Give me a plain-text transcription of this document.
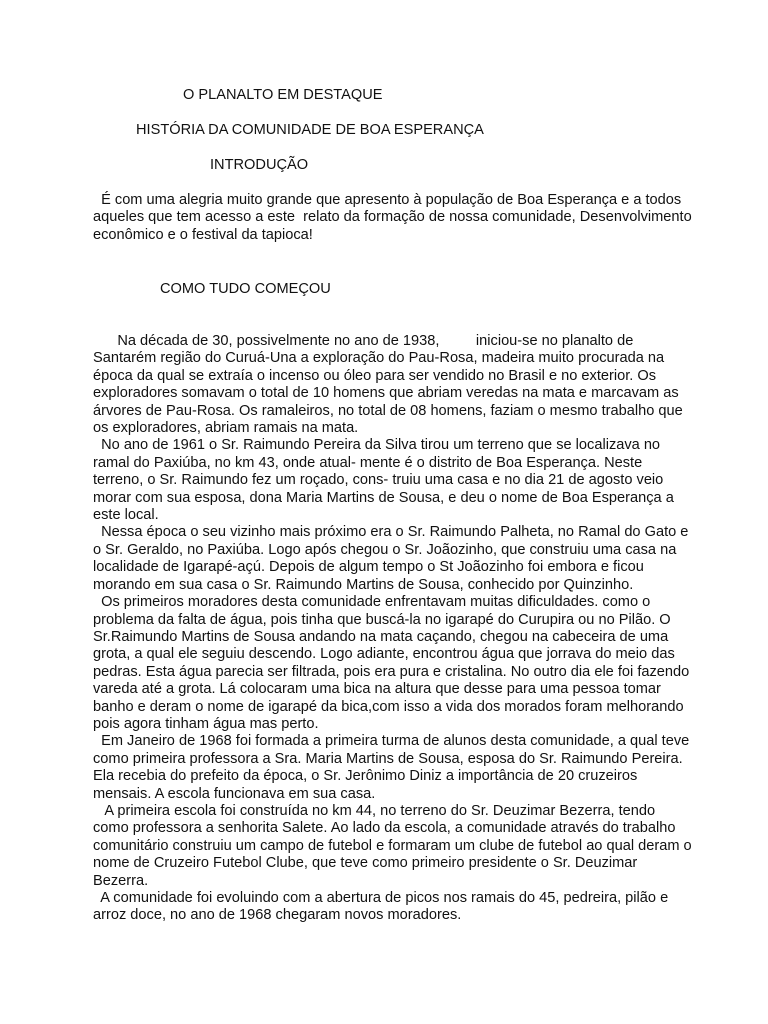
O PLANALTO EM DESTAQUE

HISTÓRIA DA COMUNIDADE DE BOA ESPERANÇA

INTRODUÇÃO

É com uma alegria muito grande que apresento à população de Boa Esperança e a todos
aqueles que tem acesso a este  relato da formação de nossa comunidade, Desenvolvimento
econômico e o festival da tapioca!

COMO TUDO COMEÇOU

Na década de 30, possivelmente no ano de 1938,         iniciou-se no planalto de
Santarém região do Curuá-Una a exploração do Pau-Rosa, madeira muito procurada na
época da qual se extraía o incenso ou óleo para ser vendido no Brasil e no exterior. Os
exploradores somavam o total de 10 homens que abriam veredas na mata e marcavam as
árvores de Pau-Rosa. Os ramaleiros, no total de 08 homens, faziam o mesmo trabalho que
os exploradores, abriam ramais na mata.
No ano de 1961 o Sr. Raimundo Pereira da Silva tirou um terreno que se localizava no
ramal do Paxiúba, no km 43, onde atual- mente é o distrito de Boa Esperança. Neste
terreno, o Sr. Raimundo fez um roçado, cons- truiu uma casa e no dia 21 de agosto veio
morar com sua esposa, dona Maria Martins de Sousa, e deu o nome de Boa Esperança a
este local.
Nessa época o seu vizinho mais próximo era o Sr. Raimundo Palheta, no Ramal do Gato e
o Sr. Geraldo, no Paxiúba. Logo após chegou o Sr. Joãozinho, que construiu uma casa na
localidade de Igarapé-açú. Depois de algum tempo o St Joãozinho foi embora e ficou
morando em sua casa o Sr. Raimundo Martins de Sousa, conhecido por Quinzinho.
Os primeiros moradores desta comunidade enfrentavam muitas dificuldades. como o
problema da falta de água, pois tinha que buscá-la no igarapé do Curupira ou no Pilão. O
Sr.Raimundo Martins de Sousa andando na mata caçando, chegou na cabeceira de uma
grota, a qual ele seguiu descendo. Logo adiante, encontrou água que jorrava do meio das
pedras. Esta água parecia ser filtrada, pois era pura e cristalina. No outro dia ele foi fazendo
vareda até a grota. Lá colocaram uma bica na altura que desse para uma pessoa tomar
banho e deram o nome de igarapé da bica,com isso a vida dos morados foram melhorando
pois agora tinham água mas perto.
Em Janeiro de 1968 foi formada a primeira turma de alunos desta comunidade, a qual teve
como primeira professora a Sra. Maria Martins de Sousa, esposa do Sr. Raimundo Pereira.
Ela recebia do prefeito da época, o Sr. Jerônimo Diniz a importância de 20 cruzeiros
mensais. A escola funcionava em sua casa.
A primeira escola foi construída no km 44, no terreno do Sr. Deuzimar Bezerra, tendo
como professora a senhorita Salete. Ao lado da escola, a comunidade através do trabalho
comunitário construiu um campo de futebol e formaram um clube de futebol ao qual deram o
nome de Cruzeiro Futebol Clube, que teve como primeiro presidente o Sr. Deuzimar
Bezerra.
A comunidade foi evoluindo com a abertura de picos nos ramais do 45, pedreira, pilão e
arroz doce, no ano de 1968 chegaram novos moradores.
